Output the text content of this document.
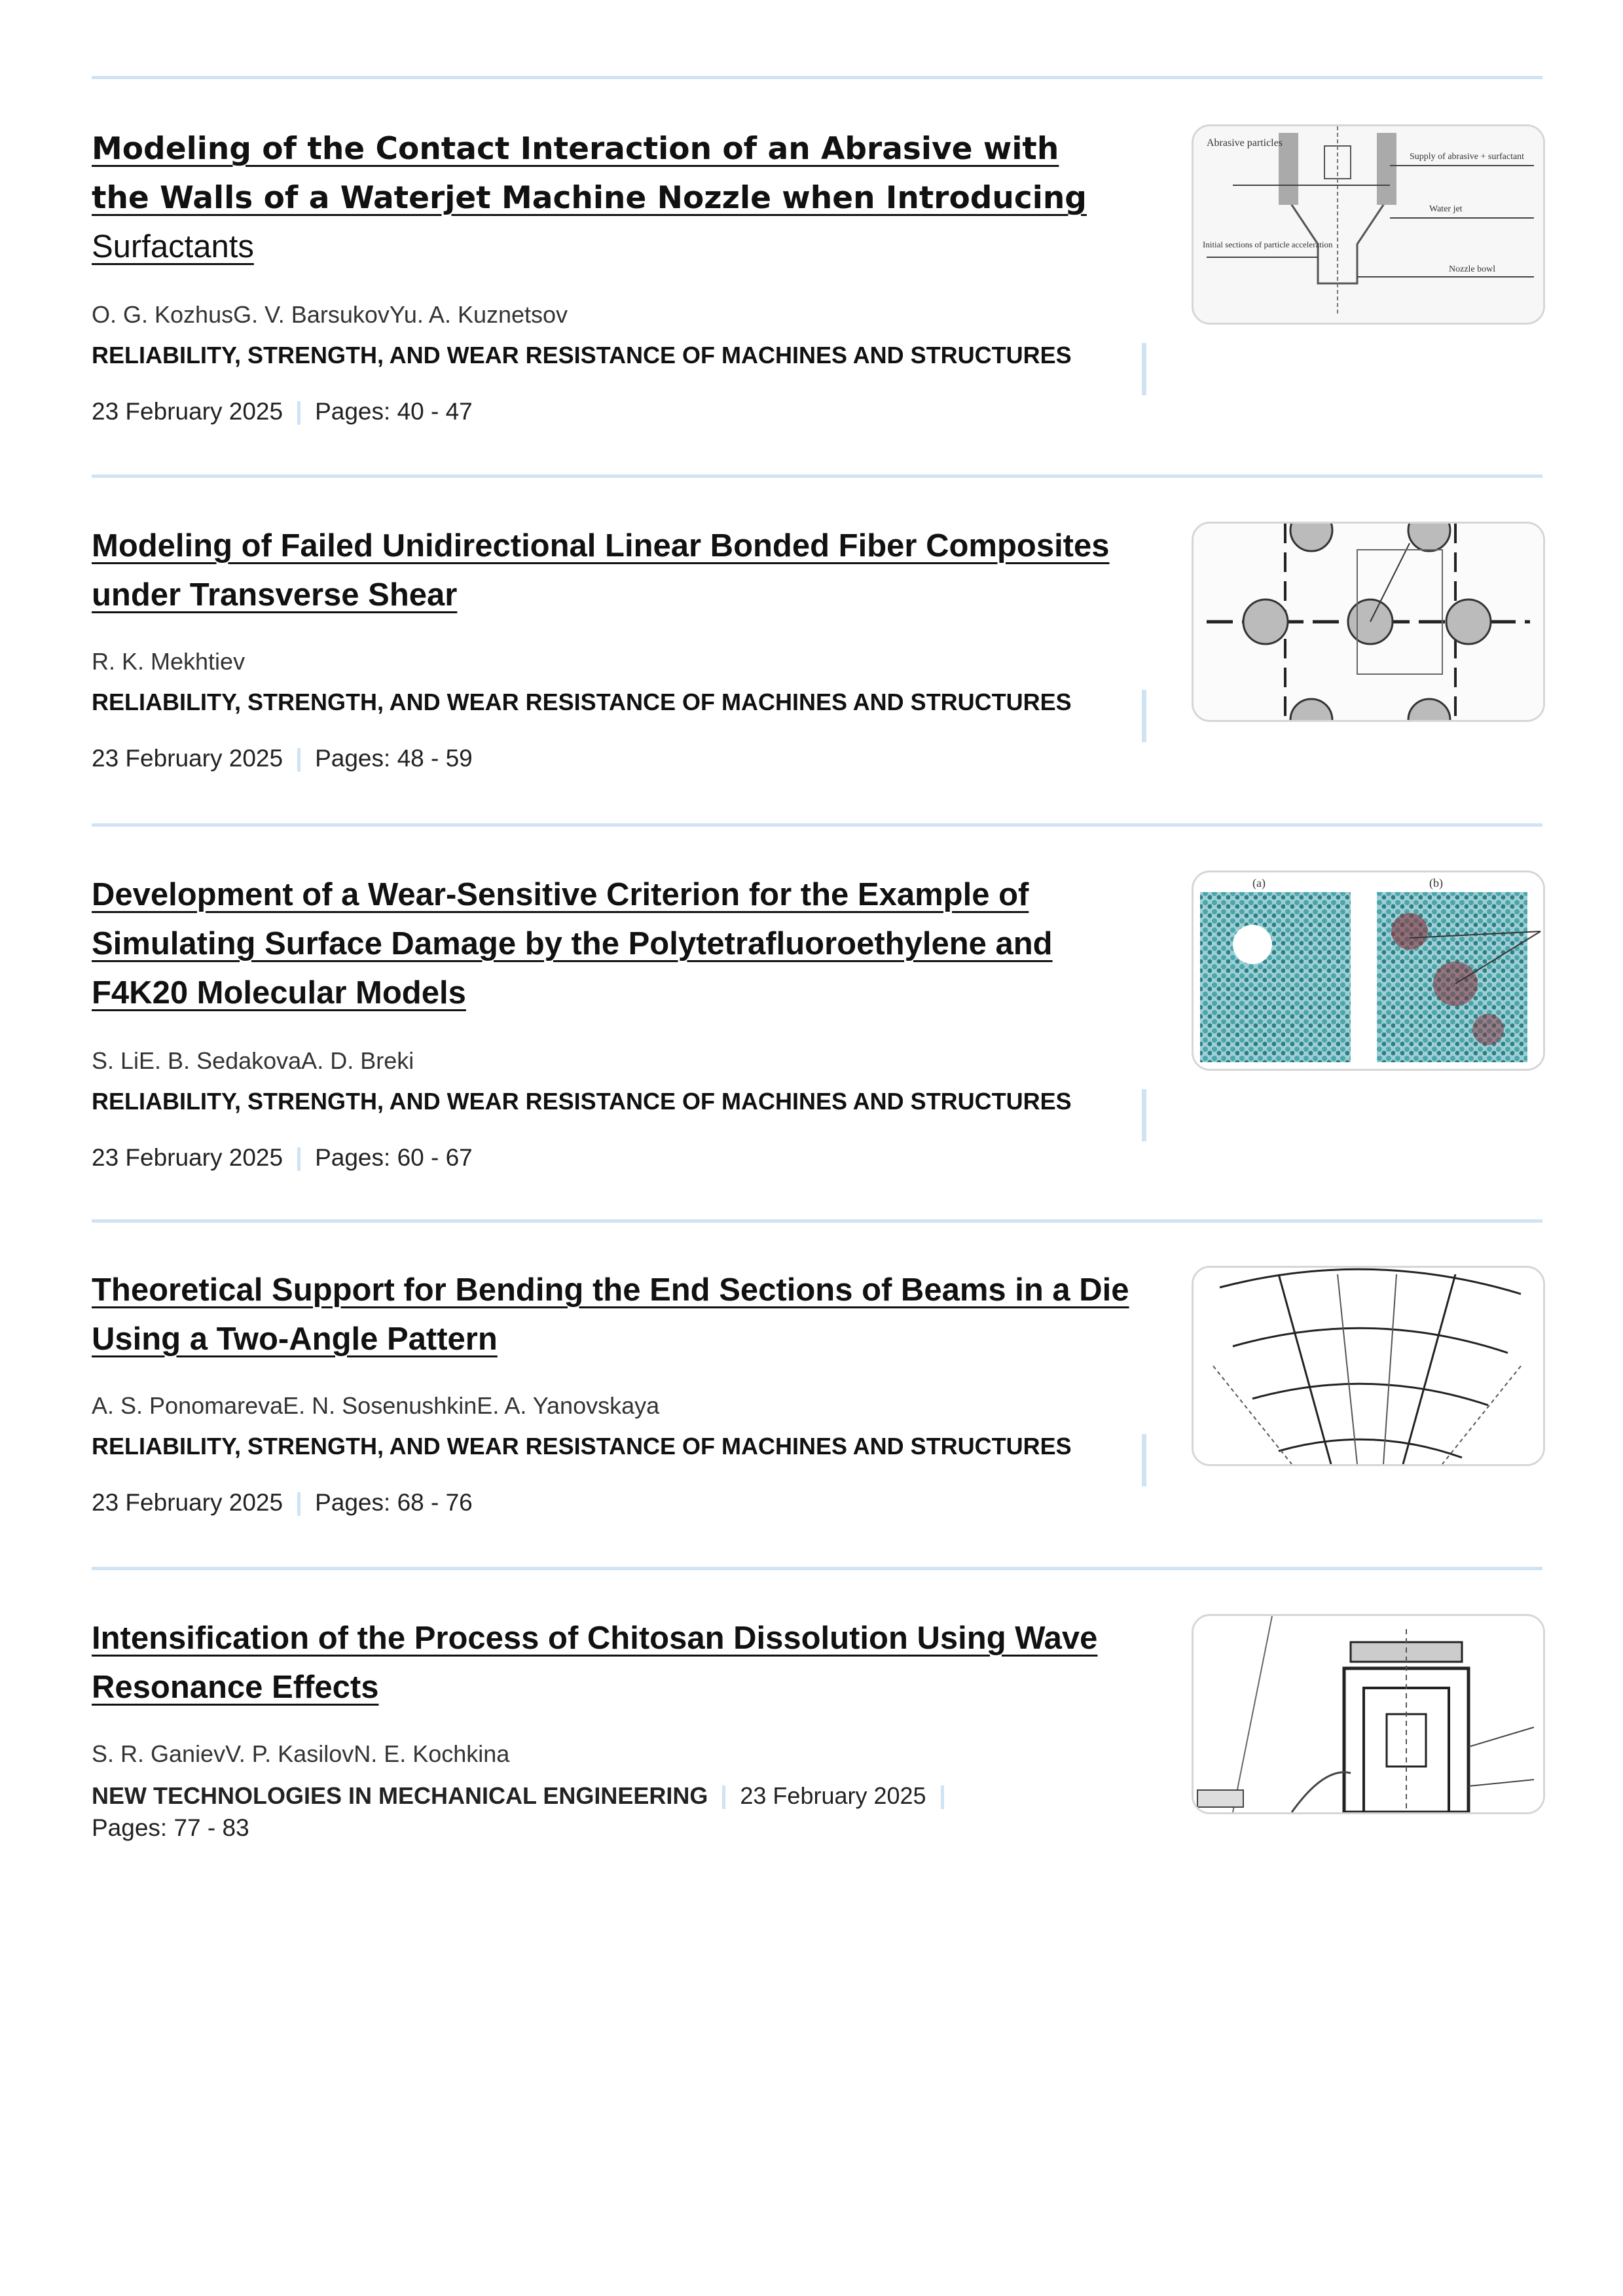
Modeling of the Contact Interaction of an Abrasive with the Walls of a Waterjet Machine Nozzle when Introducing Surfactants
O. G. KozhusG. V. BarsukovYu. A. Kuznetsov
RELIABILITY, STRENGTH, AND WEAR RESISTANCE OF MACHINES AND STRUCTURES
23 February 2025 Pages: 40 - 47
Abrasive particles
Supply of abrasive + surfactant
Water jet
Initial sections of particle acceleration
Nozzle bowl
Modeling of Failed Unidirectional Linear Bonded Fiber Composites under Transverse Shear
R. K. Mekhtiev
RELIABILITY, STRENGTH, AND WEAR RESISTANCE OF MACHINES AND STRUCTURES
23 February 2025 Pages: 48 - 59
Development of a Wear-Sensitive Criterion for the Example of Simulating Surface Damage by the Polytetrafluoroethylene and F4K20 Molecular Models
S. LiE. B. SedakovaA. D. Breki
RELIABILITY, STRENGTH, AND WEAR RESISTANCE OF MACHINES AND STRUCTURES
23 February 2025 Pages: 60 - 67
(a)	(b)
Theoretical Support for Bending the End Sections of Beams in a Die Using a Two-Angle Pattern
A. S. PonomarevaE. N. SosenushkinE. A. Yanovskaya
RELIABILITY, STRENGTH, AND WEAR RESISTANCE OF MACHINES AND STRUCTURES
23 February 2025 Pages: 68 - 76
Intensification of the Process of Chitosan Dissolution Using Wave Resonance Effects
S. R. GanievV. P. KasilovN. E. Kochkina
NEW TECHNOLOGIES IN MECHANICAL ENGINEERING 23 February 2025
Pages: 77 - 83
